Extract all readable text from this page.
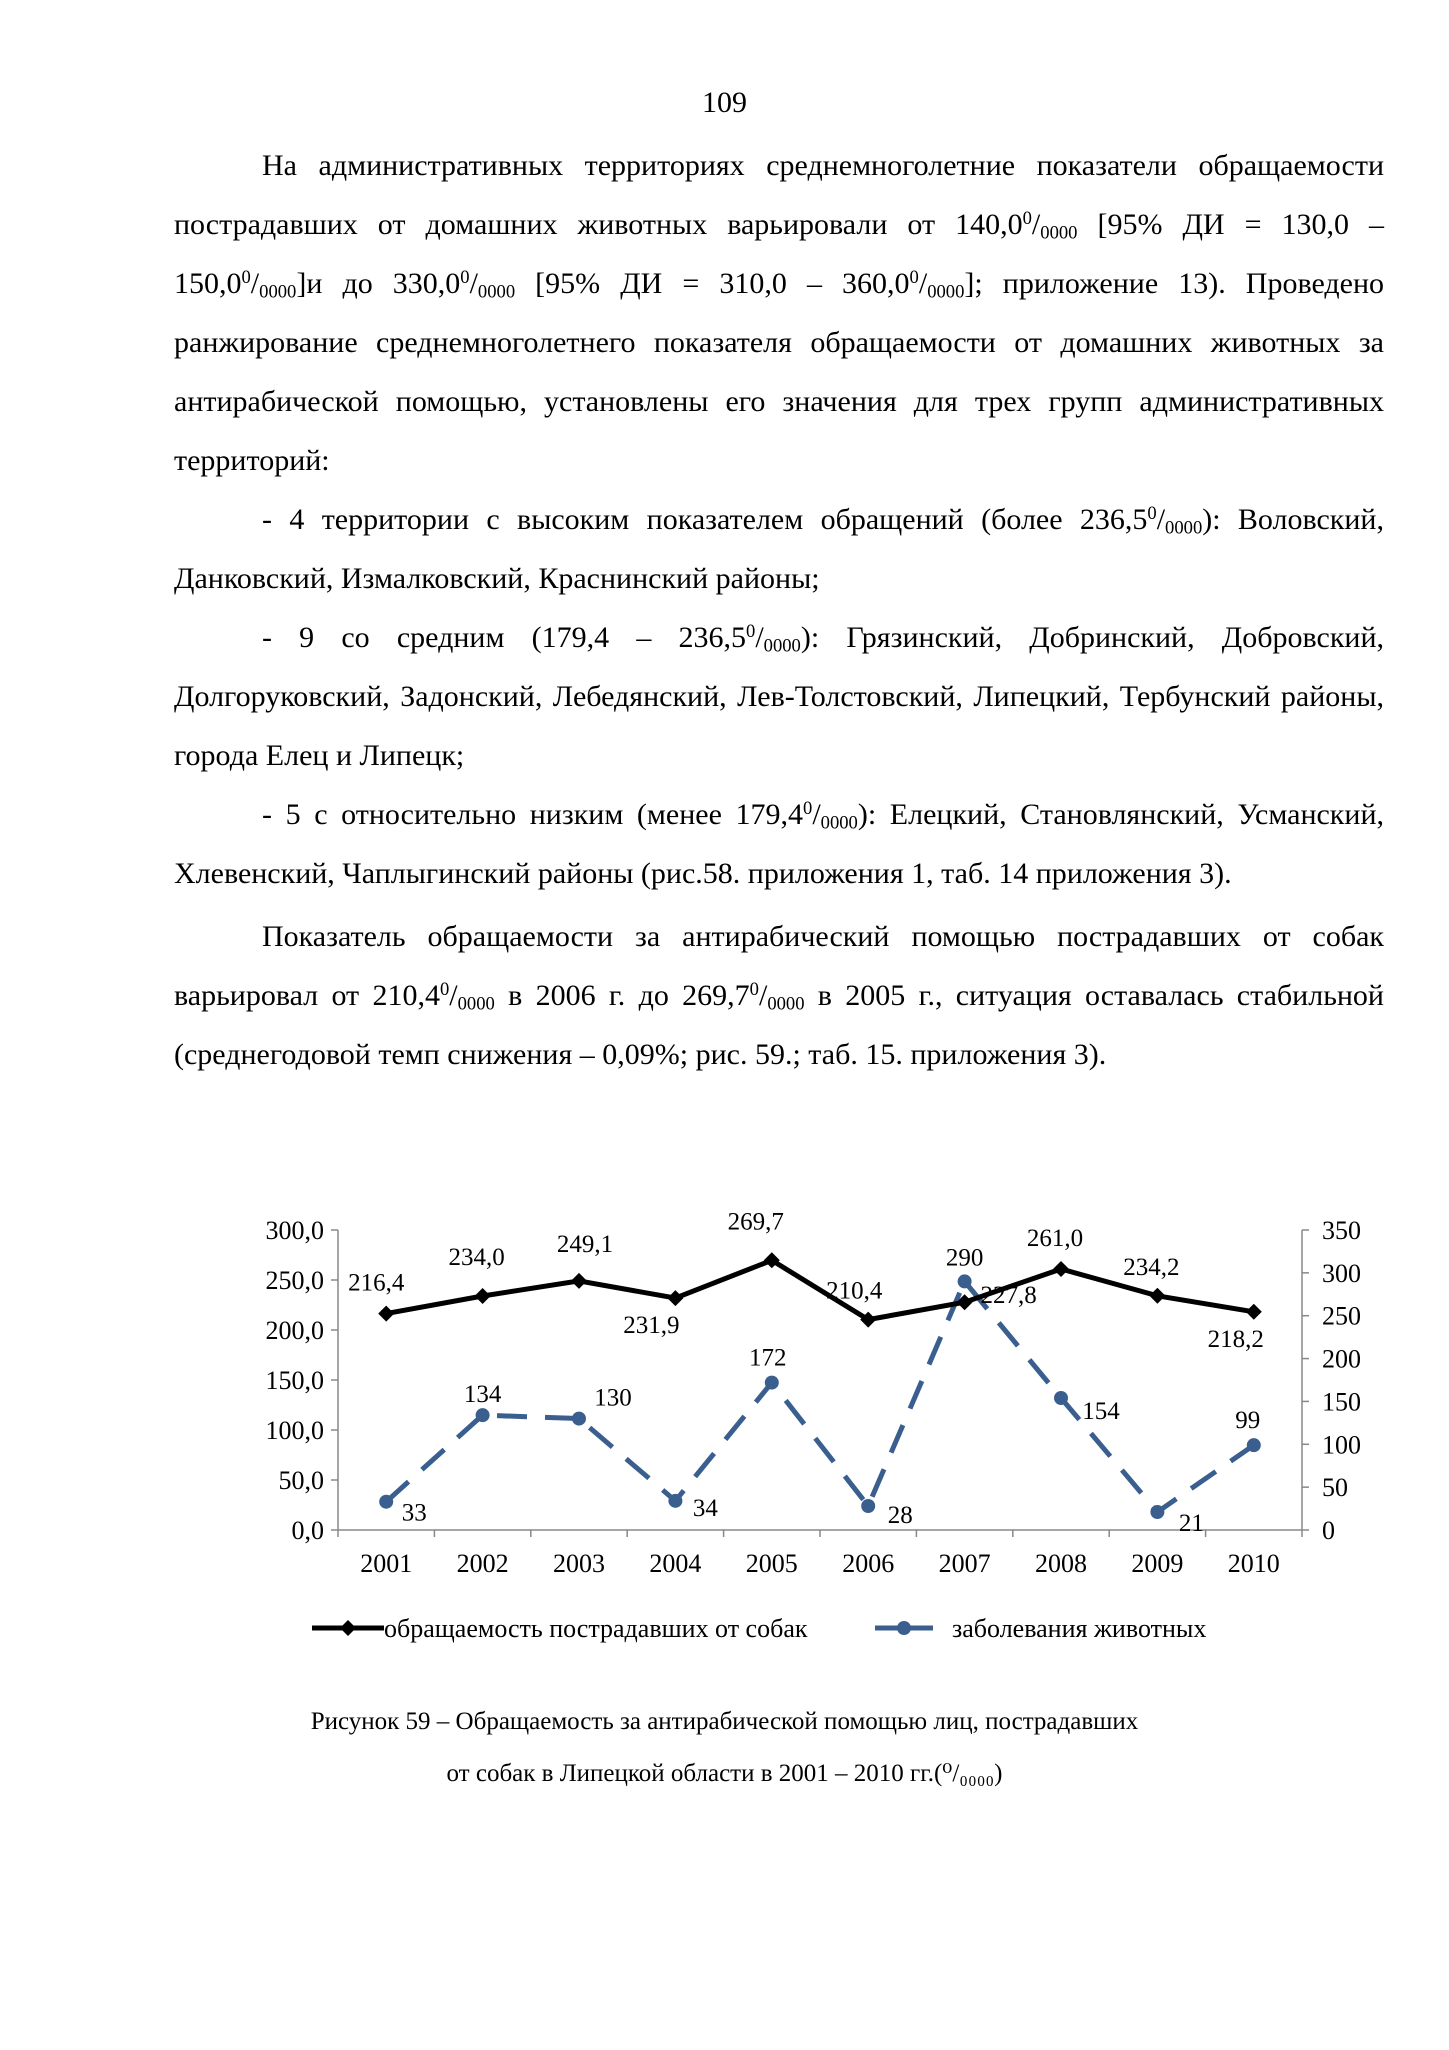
109

На административных территориях среднемноголетние показатели обращаемости пострадавших от домашних животных варьировали от $140,0^0/_{0000}$ [95% ДИ = $130,0 - 150,0^0/_{0000}]и$ до $330,0^0/_{0000}$ [95% ДИ = $310,0 - 360,0^0/_{0000}$]; приложение 13). Проведено ранжирование среднемноголетнего показателя обращаемости от домашних животных за антирабической помощью, установлены его значения для трех групп административных территорий:

- 4 территории с высоким показателем обращений (более $236,5^0/_{0000}$): Воловский, Данковский, Измалковский, Краснинский районы;

- 9 со средним $(179,4 - 236,5^0/_{0000})$: Грязинский, Добринский, Добровский, Долгоруковский, Задонский, Лебедянский, Лев-Толстовский, Липецкий, Тербунский районы, города Елец и Липецк;

- 5 с относительно низким (менее $179,4^0/_{0000}$): Елецкий, Становлянский, Усманский, Хлевенский, Чаплыгинский районы (рис.58. приложения 1, таб. 14 приложения 3).

Показатель обращаемости за антирабический помощью пострадавших от собак варьировал от $210,4^0/_{0000}$ в 2006 г. до $269,7^0/_{0000}$ в 2005 г., ситуация оставалась стабильной (среднегодовой темп снижения – 0,09%; рис. 59.; таб. 15. приложения 3).

0,0
50,0
100,0
150,0
200,0
250,0
300,0
0
50
100
150
200
250
300
350
2001 2002 2003 2004 2005 2006 2007 2008 2009 2010
33
134	130
34
172
28
290
154
21
99
216,4
234,0 249,1
231,9
269,7
210,4	227,8
261,0
234,2
218,2
обращаемость пострадавших от собак	заболевания животных
Рисунок 59 – Обращаемость за антирабической помощью лиц, пострадавших
от собак в Липецкой области в 2001 – 2010 гг.(⁰/₀₀₀₀)
